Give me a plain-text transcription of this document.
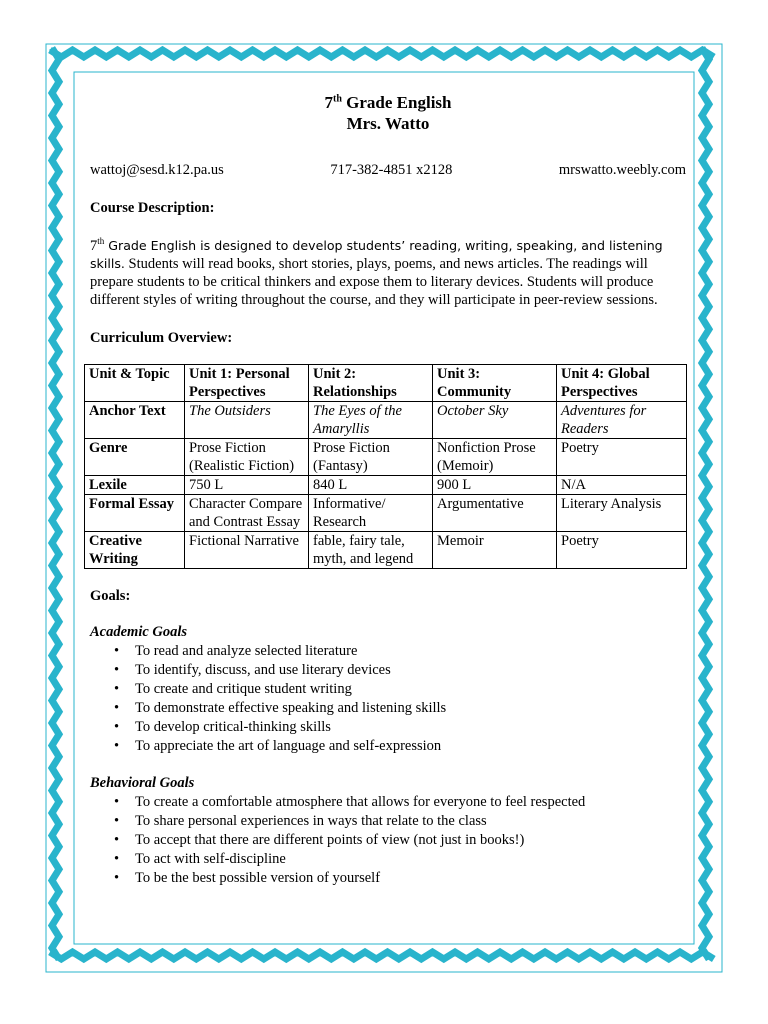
7th Grade English
Mrs. Watto
wattoj@sesd.k12.pa.us	717-382-4851 x2128	mrswatto.weebly.com
Course Description:
7th Grade English is designed to develop students’ reading, writing, speaking, and listening skills. Students will read books, short stories, plays, poems, and news articles. The readings will prepare students to be critical thinkers and expose them to literary devices. Students will produce different styles of writing throughout the course, and they will participate in peer-review sessions.
Curriculum Overview:
Unit & Topic	Unit 1: Personal Perspectives	Unit 2: Relationships	Unit 3: Community	Unit 4: Global Perspectives
Anchor Text	The Outsiders	The Eyes of the Amaryllis	October Sky	Adventures for Readers
Genre	Prose Fiction (Realistic Fiction)	Prose Fiction (Fantasy)	Nonfiction Prose (Memoir)	Poetry
Lexile	750 L	840 L	900 L	N/A
Formal Essay	Character Compare and Contrast Essay	Informative/ Research	Argumentative	Literary Analysis
Creative Writing	Fictional Narrative	fable, fairy tale, myth, and legend	Memoir	Poetry
Goals:
Academic Goals
• To read and analyze selected literature
• To identify, discuss, and use literary devices
• To create and critique student writing
• To demonstrate effective speaking and listening skills
• To develop critical-thinking skills
• To appreciate the art of language and self-expression
Behavioral Goals
• To create a comfortable atmosphere that allows for everyone to feel respected
• To share personal experiences in ways that relate to the class
• To accept that there are different points of view (not just in books!)
• To act with self-discipline
• To be the best possible version of yourself
